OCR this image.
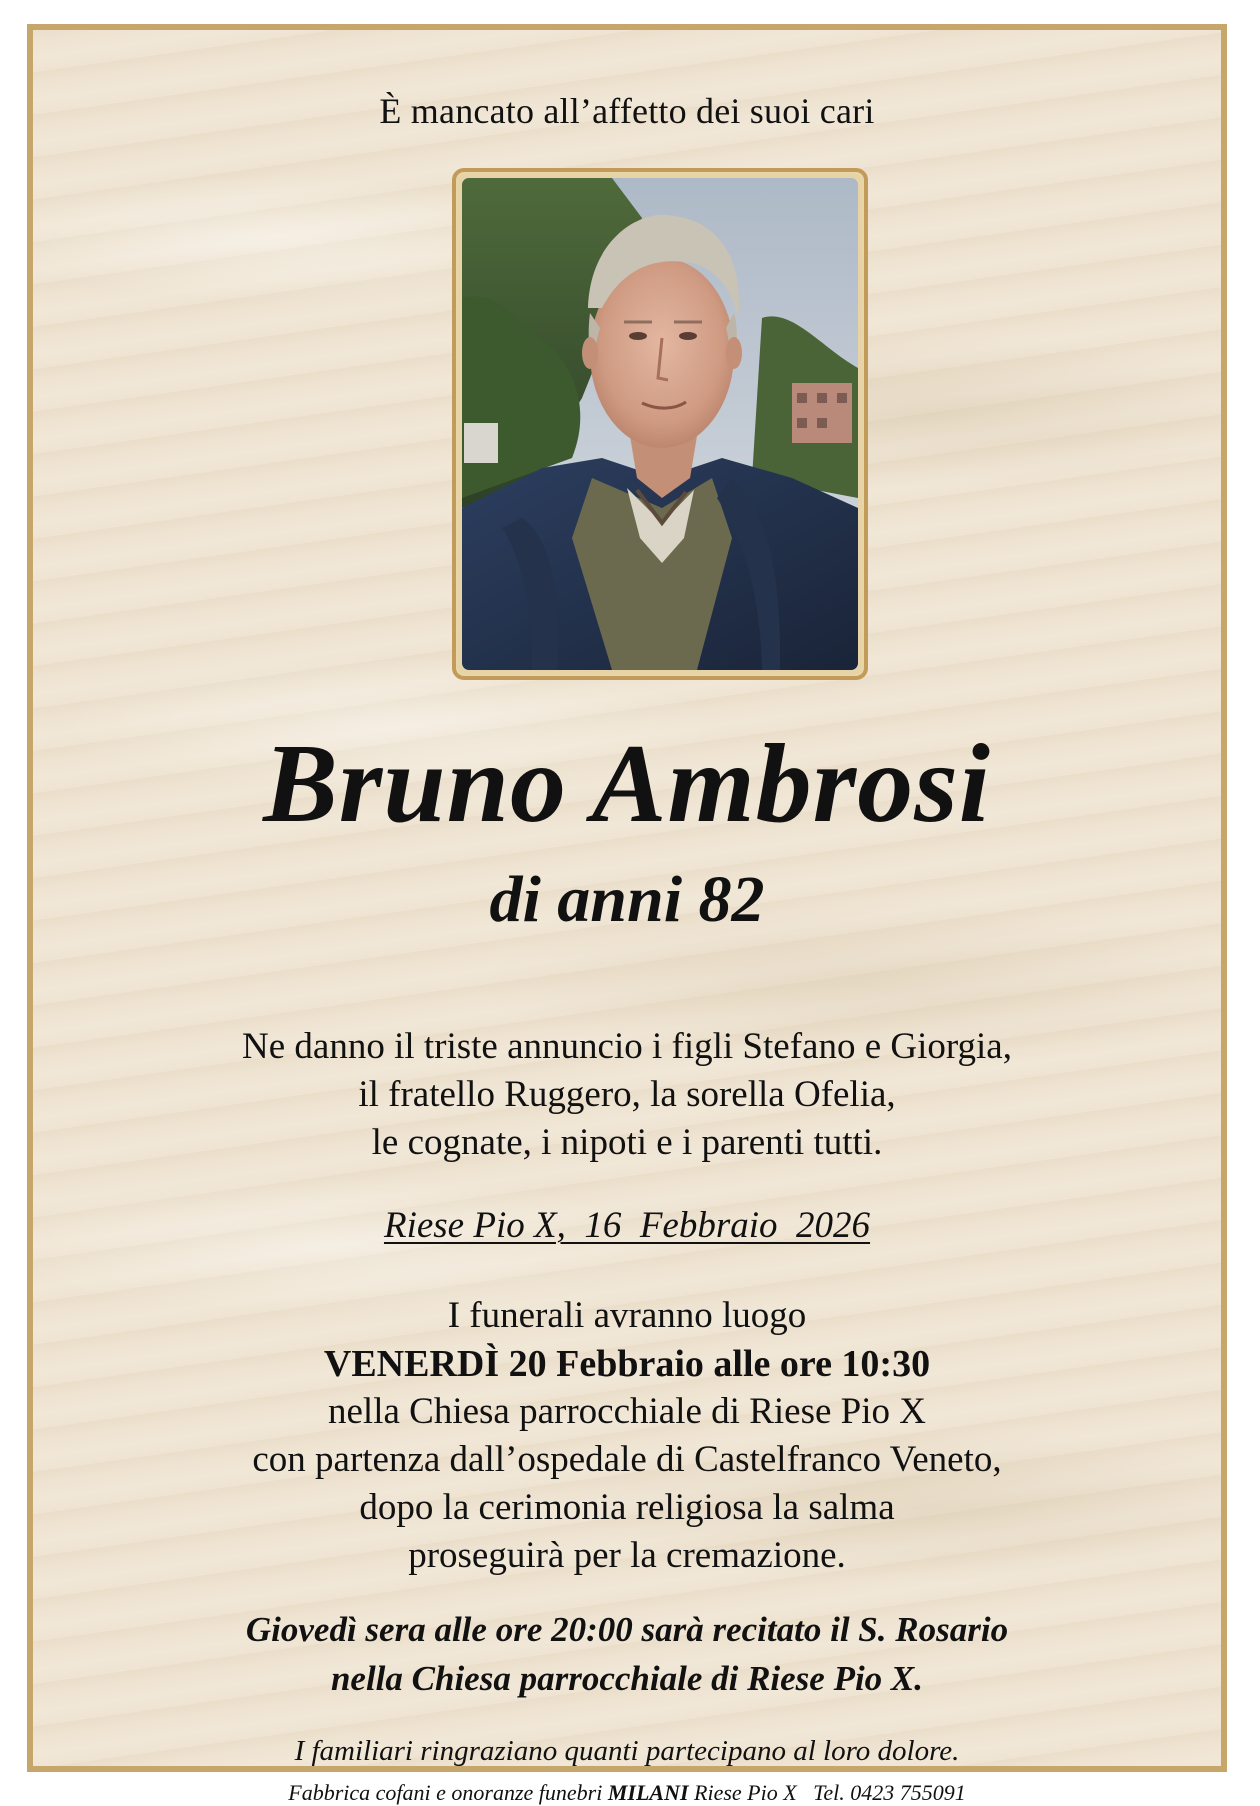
È mancato all’affetto dei suoi cari
Bruno Ambrosi
di anni 82
Ne danno il triste annuncio i figli Stefano e Giorgia,
il fratello Ruggero, la sorella Ofelia,
le cognate, i nipoti e i parenti tutti.
Riese Pio X,  16  Febbraio  2026
I funerali avranno luogo
VENERDÌ 20 Febbraio alle ore 10:30
nella Chiesa parrocchiale di Riese Pio X
con partenza dall’ospedale di Castelfranco Veneto,
dopo la cerimonia religiosa la salma
proseguirà per la cremazione.
Giovedì sera alle ore 20:00 sarà recitato il S. Rosario
nella Chiesa parrocchiale di Riese Pio X.
I familiari ringraziano quanti partecipano al loro dolore.
Fabbrica cofani e onoranze funebri MILANI Riese Pio X   Tel. 0423 755091
